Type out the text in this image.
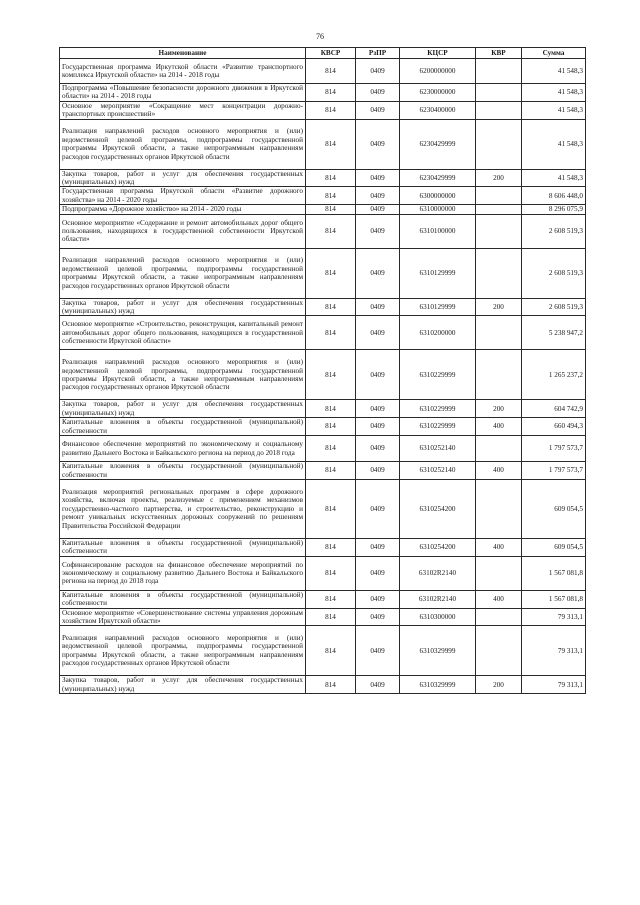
76
Наименование	КВСР	РзПР	КЦСР	КВР	Сумма
Государственная программа Иркутской области «Развитие транспортного комплекса Иркутской области» на 2014 - 2018 годы	814	0409	6200000000		41 548,3
Подпрограмма «Повышение безопасности дорожного движения в Иркутской области» на 2014 - 2018 годы	814	0409	6230000000		41 548,3
Основное мероприятие «Сокращение мест концентрации дорожно-транспортных происшествий»	814	0409	6230400000		41 548,3
Реализация направлений расходов основного мероприятия и (или) ведомственной целевой программы, подпрограммы государственной программы Иркутской области, а также непрограммным направлениям расходов государственных органов Иркутской области	814	0409	6230429999		41 548,3
Закупка товаров, работ и услуг для обеспечения государственных (муниципальных) нужд	814	0409	6230429999	200	41 548,3
Государственная программа Иркутской области «Развитие дорожного хозяйства» на 2014 - 2020 годы	814	0409	6300000000		8 606 448,0
Подпрограмма «Дорожное хозяйство» на 2014 - 2020 годы	814	0409	6310000000		8 296 075,9
Основное мероприятие «Содержание и ремонт автомобильных дорог общего пользования, находящихся в государственной собственности Иркутской области»	814	0409	6310100000		2 608 519,3
Реализация направлений расходов основного мероприятия и (или) ведомственной целевой программы, подпрограммы государственной программы Иркутской области, а также непрограммным направлениям расходов государственных органов Иркутской области	814	0409	6310129999		2 608 519,3
Закупка товаров, работ и услуг для обеспечения государственных (муниципальных) нужд	814	0409	6310129999	200	2 608 519,3
Основное мероприятие «Строительство, реконструкция, капитальный ремонт автомобильных дорог общего пользования, находящихся в государственной собственности Иркутской области»	814	0409	6310200000		5 238 947,2
Реализация направлений расходов основного мероприятия и (или) ведомственной целевой программы, подпрограммы государственной программы Иркутской области, а также непрограммным направлениям расходов государственных органов Иркутской области	814	0409	6310229999		1 265 237,2
Закупка товаров, работ и услуг для обеспечения государственных (муниципальных) нужд	814	0409	6310229999	200	604 742,9
Капитальные вложения в объекты государственной (муниципальной) собственности	814	0409	6310229999	400	660 494,3
Финансовое обеспечение мероприятий по экономическому и социальному развитию Дальнего Востока и Байкальского региона на период до 2018 года	814	0409	6310252140		1 797 573,7
Капитальные вложения в объекты государственной (муниципальной) собственности	814	0409	6310252140	400	1 797 573,7
Реализация мероприятий региональных программ в сфере дорожного хозяйства, включая проекты, реализуемые с применением механизмов государственно-частного партнерства, и строительство, реконструкцию и ремонт уникальных искусственных дорожных сооружений по решениям Правительства Российской Федерации	814	0409	6310254200		609 054,5
Капитальные вложения в объекты государственной (муниципальной) собственности	814	0409	6310254200	400	609 054,5
Софинансирование расходов на финансовое обеспечение мероприятий по экономическому и социальному развитию Дальнего Востока и Байкальского региона на период до 2018 года	814	0409	63102R2140		1 567 081,8
Капитальные вложения в объекты государственной (муниципальной) собственности	814	0409	63102R2140	400	1 567 081,8
Основное мероприятие «Совершенствование системы управления дорожным хозяйством Иркутской области»	814	0409	6310300000		79 313,1
Реализация направлений расходов основного мероприятия и (или) ведомственной целевой программы, подпрограммы государственной программы Иркутской области, а также непрограммным направлениям расходов государственных органов Иркутской области	814	0409	6310329999		79 313,1
Закупка товаров, работ и услуг для обеспечения государственных (муниципальных) нужд	814	0409	6310329999	200	79 313,1
